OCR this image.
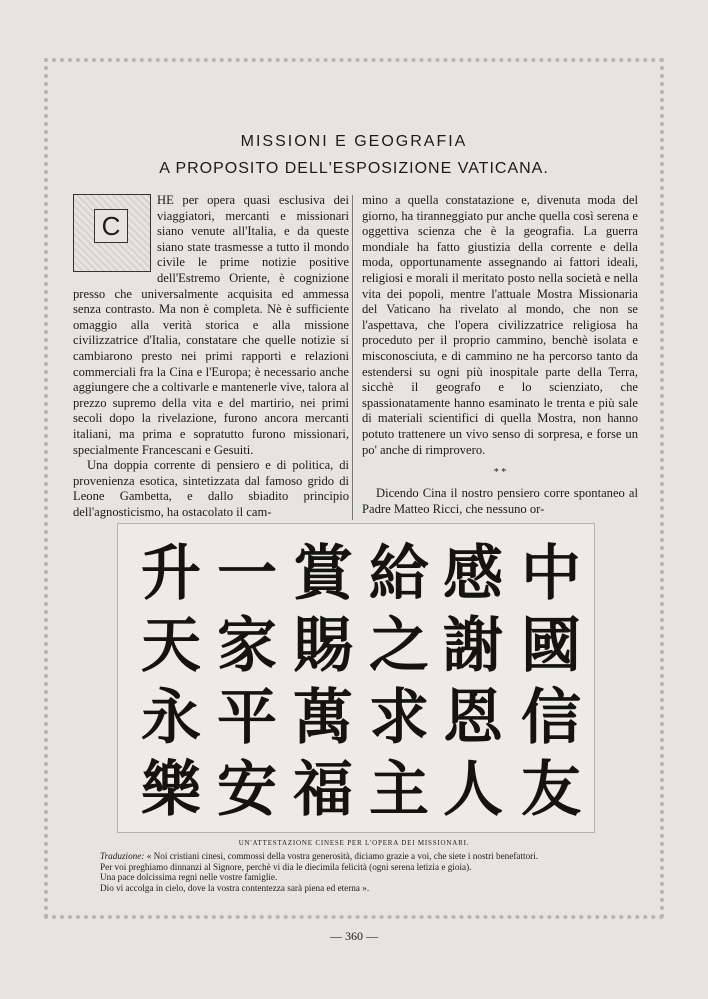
MISSIONI E GEOGRAFIA
A PROPOSITO DELL'ESPOSIZIONE VATICANA.
C

HE per opera quasi esclusiva dei viaggiatori, mercanti e missionari siano venute all'Italia, e da queste siano state trasmesse a tutto il mondo civile le prime notizie positive dell'Estremo Oriente, è cognizione presso che universalmente acquisita ed ammessa senza contrasto. Ma non è completa. Nè è sufficiente omaggio alla verità storica e alla missione civilizzatrice d'Italia, constatare che quelle notizie si cambiarono presto nei primi rapporti e relazioni commerciali fra la Cina e l'Europa; è necessario anche aggiungere che a coltivarle e mantenerle vive, talora al prezzo supremo della vita e del martirio, nei primi secoli dopo la rivelazione, furono ancora mercanti italiani, ma prima e sopratutto furono missionari, specialmente Francescani e Gesuiti.

Una doppia corrente di pensiero e di politica, di provenienza esotica, sintetizzata dal famoso grido di Leone Gambetta, e dallo sbiadito principio dell'agnosticismo, ha ostacolato il cam-

mino a quella constatazione e, divenuta moda del giorno, ha tiranneggiato pur anche quella così serena e oggettiva scienza che è la geografia. La guerra mondiale ha fatto giustizia della corrente e della moda, opportunamente assegnando ai fattori ideali, religiosi e morali il meritato posto nella società e nella vita dei popoli, mentre l'attuale Mostra Missionaria del Vaticano ha rivelato al mondo, che non se l'aspettava, che l'opera civilizzatrice religiosa ha proceduto per il proprio cammino, benchè isolata e misconosciuta, e di cammino ne ha percorso tanto da estendersi su ogni più inospitale parte della Terra, sicchè il geografo e lo scienziato, che spassionatamente hanno esaminato le trenta e più sale di materiali scientifici di quella Mostra, non hanno potuto trattenere un vivo senso di sorpresa, e forse un po' anche di rimprovero.

* *

Dicendo Cina il nostro pensiero corre spontaneo al Padre Matteo Ricci, che nessuno or-

中
國
信
友
感
謝
恩
人
給
之
求
主
賞
賜
萬
福
一
家
平
安
升
天
永
樂
UN'ATTESTAZIONE CINESE PER L'OPERA DEI MISSIONARI.
Traduzione: « Noi cristiani cinesi, commossi della vostra generosità, diciamo grazie a voi, che siete i nostri benefattori.
Per voi preghiamo dinnanzi al Signore, perchè vi dia le diecimila felicità (ogni serena letizia e gioia).
Una pace dolcissima regni nelle vostre famiglie.
Dio vi accolga in cielo, dove la vostra contentezza sarà piena ed eterna ».
— 360 —
